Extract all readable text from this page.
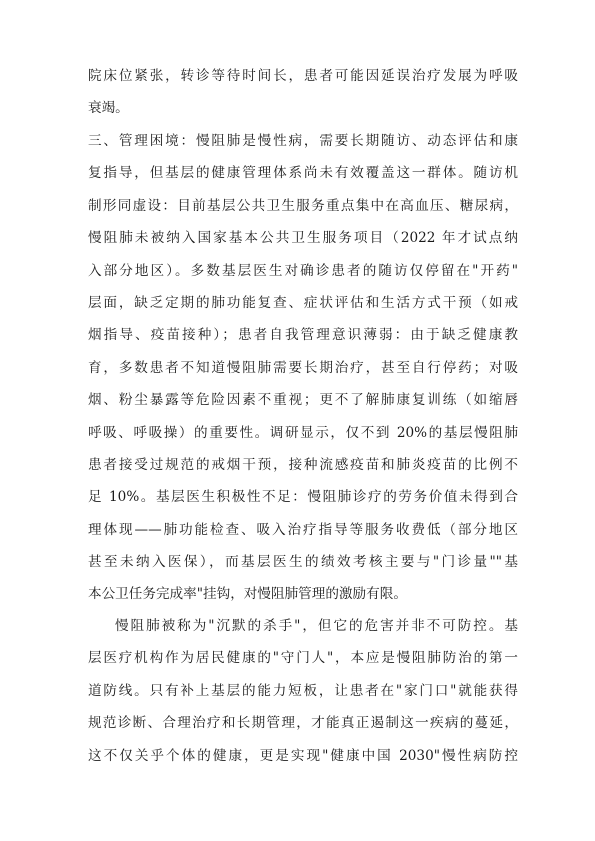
院床位紧张，转诊等待时间长，患者可能因延误治疗发展为呼吸
衰竭。
三、管理困境：慢阻肺是慢性病，需要长期随访、动态评估和康
复指导，但基层的健康管理体系尚未有效覆盖这一群体。随访机
制形同虚设：目前基层公共卫生服务重点集中在高血压、糖尿病，
慢阻肺未被纳入国家基本公共卫生服务项目（2022 年才试点纳
入部分地区）。多数基层医生对确诊患者的随访仅停留在"开药"
层面，缺乏定期的肺功能复查、症状评估和生活方式干预（如戒
烟指导、疫苗接种）；患者自我管理意识薄弱：由于缺乏健康教
育，多数患者不知道慢阻肺需要长期治疗，甚至自行停药；对吸
烟、粉尘暴露等危险因素不重视；更不了解肺康复训练（如缩唇
呼吸、呼吸操）的重要性。调研显示，仅不到 20%的基层慢阻肺
患者接受过规范的戒烟干预，接种流感疫苗和肺炎疫苗的比例不
足 10%。基层医生积极性不足：慢阻肺诊疗的劳务价值未得到合
理体现——肺功能检查、吸入治疗指导等服务收费低（部分地区
甚至未纳入医保），而基层医生的绩效考核主要与"门诊量""基
本公卫任务完成率"挂钩，对慢阻肺管理的激励有限。
慢阻肺被称为"沉默的杀手"，但它的危害并非不可防控。基
层医疗机构作为居民健康的"守门人"，本应是慢阻肺防治的第一
道防线。只有补上基层的能力短板，让患者在"家门口"就能获得
规范诊断、合理治疗和长期管理，才能真正遏制这一疾病的蔓延，
这不仅关乎个体的健康，更是实现"健康中国 2030"慢性病防控
